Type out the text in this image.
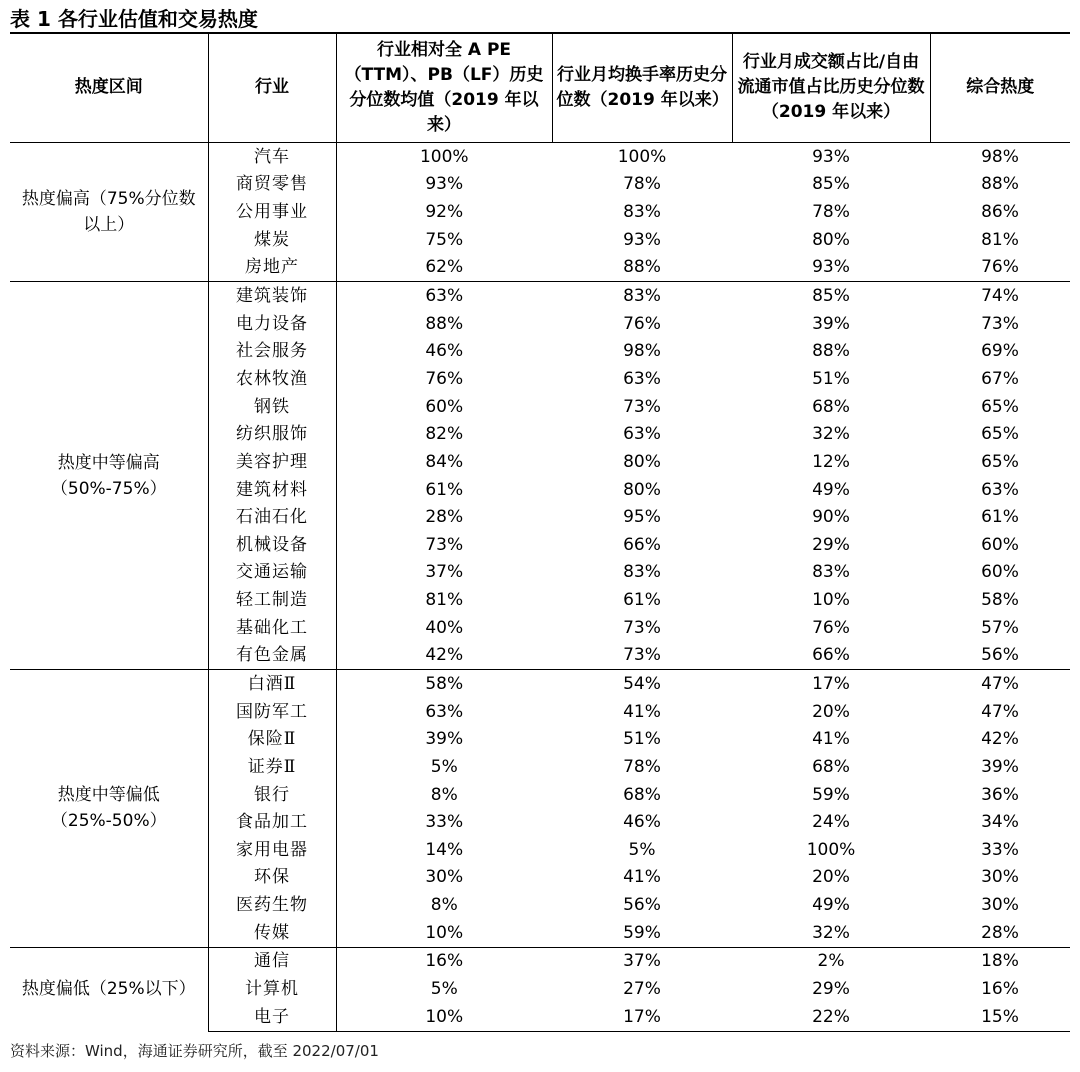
表 1 各行业估值和交易热度
热度区间	行业	行业相对全 A PE（TTM）、PB（LF）历史分位数均值（2019 年以来）	行业月均换手率历史分位数（2019 年以来）	行业月成交额占比/自由流通市值占比历史分位数（2019 年以来）	综合热度
热度偏高（75%分位数以上）	汽车	100%	100%	93%	98%
	商贸零售	93%	78%	85%	88%
	公用事业	92%	83%	78%	86%
	煤炭	75%	93%	80%	81%
	房地产	62%	88%	93%	76%
热度中等偏高（50%-75%）	建筑装饰	63%	83%	85%	74%
	电力设备	88%	76%	39%	73%
	社会服务	46%	98%	88%	69%
	农林牧渔	76%	63%	51%	67%
	钢铁	60%	73%	68%	65%
	纺织服饰	82%	63%	32%	65%
	美容护理	84%	80%	12%	65%
	建筑材料	61%	80%	49%	63%
	石油石化	28%	95%	90%	61%
	机械设备	73%	66%	29%	60%
	交通运输	37%	83%	83%	60%
	轻工制造	81%	61%	10%	58%
	基础化工	40%	73%	76%	57%
	有色金属	42%	73%	66%	56%
热度中等偏低（25%-50%）	白酒Ⅱ	58%	54%	17%	47%
	国防军工	63%	41%	20%	47%
	保险Ⅱ	39%	51%	41%	42%
	证券Ⅱ	5%	78%	68%	39%
	银行	8%	68%	59%	36%
	食品加工	33%	46%	24%	34%
	家用电器	14%	5%	100%	33%
	环保	30%	41%	20%	30%
	医药生物	8%	56%	49%	30%
	传媒	10%	59%	32%	28%
热度偏低（25%以下）	通信	16%	37%	2%	18%
	计算机	5%	27%	29%	16%
	电子	10%	17%	22%	15%
资料来源：Wind，海通证券研究所，截至 2022/07/01
